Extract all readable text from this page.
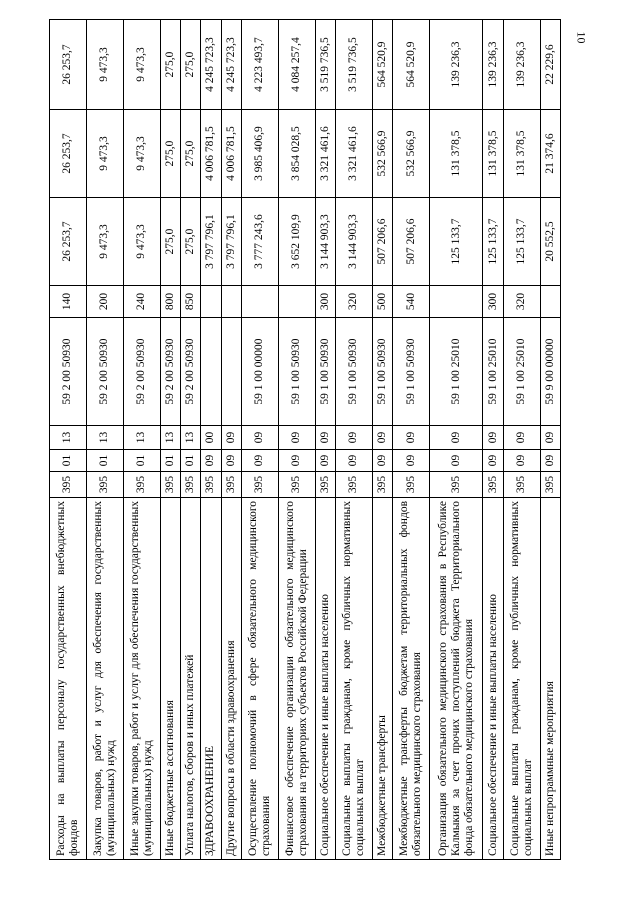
10
Расходы на выплаты персоналу государственных внебюджетных фондов	395	01	13	59 2 00 50930	140	26 253,7	26 253,7	26 253,7
Закупка товаров, работ и услуг для обеспечения государственных (муниципальных) нужд	395	01	13	59 2 00 50930	200	9 473,3	9 473,3	9 473,3
Иные закупки товаров, работ и услуг для обеспечения государственных (муниципальных) нужд	395	01	13	59 2 00 50930	240	9 473,3	9 473,3	9 473,3
Иные бюджетные ассигнования	395	01	13	59 2 00 50930	800	275,0	275,0	275,0
Уплата налогов, сборов и иных платежей	395	01	13	59 2 00 50930	850	275,0	275,0	275,0
ЗДРАВООХРАНЕНИЕ	395	09	00			3 797 796,1	4 006 781,5	4 245 723,3
Другие вопросы в области здравоохранения	395	09	09			3 797 796,1	4 006 781,5	4 245 723,3
Осуществление полномочий в сфере обязательного медицинского страхования	395	09	09	59 1 00 00000		3 777 243,6	3 985 406,9	4 223 493,7
Финансовое обеспечение организации обязательного медицинского страхования на территориях субъектов Российской Федерации	395	09	09	59 1 00 50930		3 652 109,9	3 854 028,5	4 084 257,4
Социальное обеспечение и иные выплаты населению	395	09	09	59 1 00 50930	300	3 144 903,3	3 321 461,6	3 519 736,5
Социальные выплаты гражданам, кроме публичных нормативных социальных выплат	395	09	09	59 1 00 50930	320	3 144 903,3	3 321 461,6	3 519 736,5
Межбюджетные трансферты	395	09	09	59 1 00 50930	500	507 206,6	532 566,9	564 520,9
Межбюджетные трансферты бюджетам территориальных фондов обязательного медицинского страхования	395	09	09	59 1 00 50930	540	507 206,6	532 566,9	564 520,9
Организация обязательного медицинского страхования в Республике Калмыкия за счет прочих поступлений бюджета Территориального фонда обязательного медицинского страхования	395	09	09	59 1 00 25010		125 133,7	131 378,5	139 236,3
Социальное обеспечение и иные выплаты населению	395	09	09	59 1 00 25010	300	125 133,7	131 378,5	139 236,3
Социальные выплаты гражданам, кроме публичных нормативных социальных выплат	395	09	09	59 1 00 25010	320	125 133,7	131 378,5	139 236,3
Иные непрограммные мероприятия	395	09	09	59 9 00 00000		20 552,5	21 374,6	22 229,6
